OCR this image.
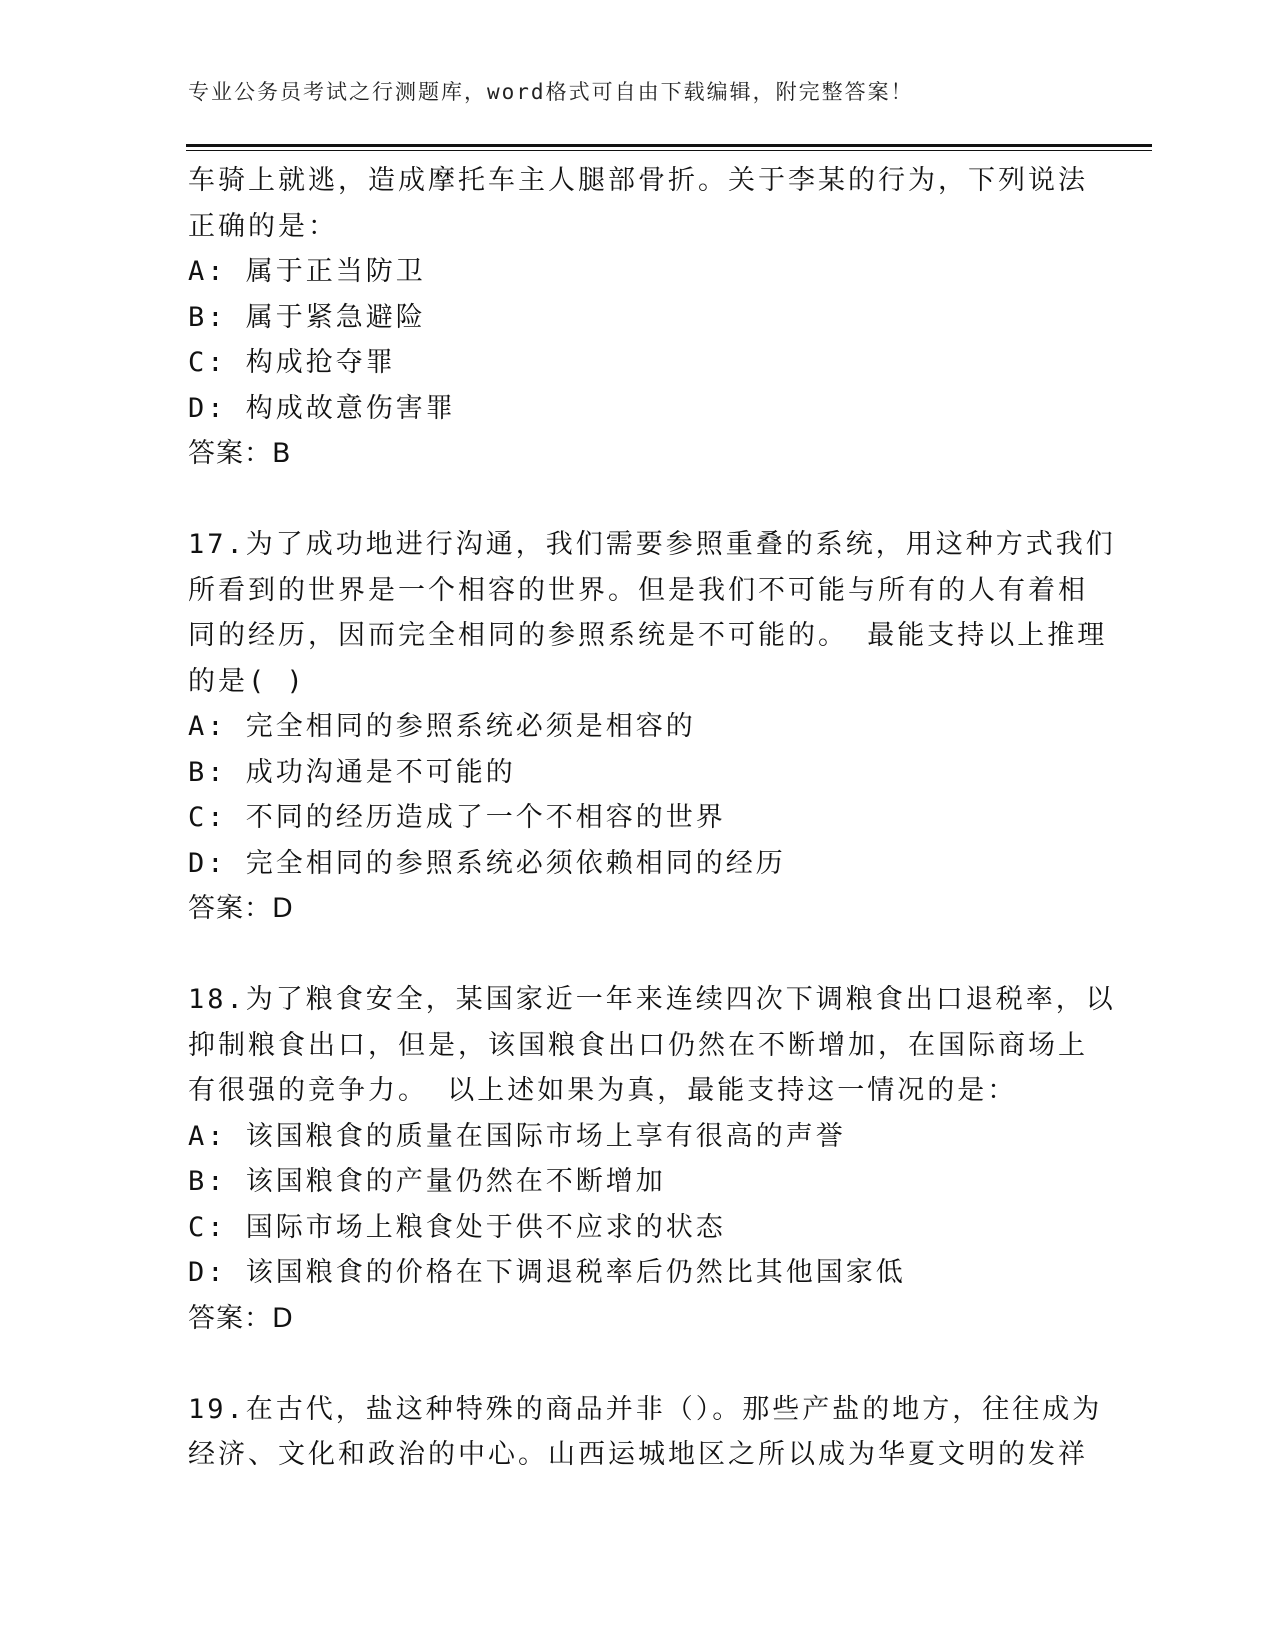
专业公务员考试之行测题库，word格式可自由下载编辑，附完整答案！
车骑上就逃，造成摩托车主人腿部骨折。关于李某的行为，下列说法
正确的是：
A: 属于正当防卫
B: 属于紧急避险
C: 构成抢夺罪
D: 构成故意伤害罪
答案：B
17.为了成功地进行沟通，我们需要参照重叠的系统，用这种方式我们
所看到的世界是一个相容的世界。但是我们不可能与所有的人有着相
同的经历，因而完全相同的参照系统是不可能的。 最能支持以上推理
的是( )
A: 完全相同的参照系统必须是相容的
B: 成功沟通是不可能的
C: 不同的经历造成了一个不相容的世界
D: 完全相同的参照系统必须依赖相同的经历
答案：D
18.为了粮食安全，某国家近一年来连续四次下调粮食出口退税率，以
抑制粮食出口，但是，该国粮食出口仍然在不断增加，在国际商场上
有很强的竞争力。 以上述如果为真，最能支持这一情况的是：
A: 该国粮食的质量在国际市场上享有很高的声誉
B: 该国粮食的产量仍然在不断增加
C: 国际市场上粮食处于供不应求的状态
D: 该国粮食的价格在下调退税率后仍然比其他国家低
答案：D
19.在古代，盐这种特殊的商品并非（）。那些产盐的地方，往往成为
经济、文化和政治的中心。山西运城地区之所以成为华夏文明的发祥
